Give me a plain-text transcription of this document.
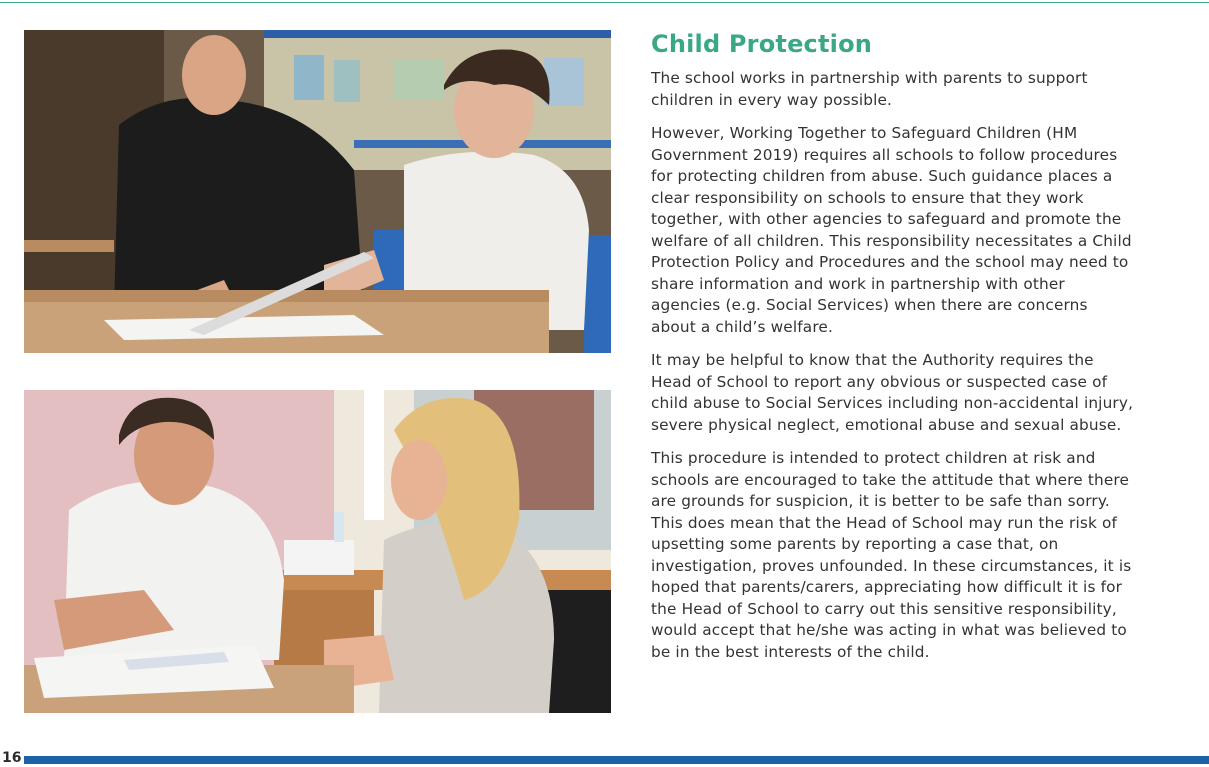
Child Protection

The school works in partnership with parents to support children in every way possible.

However, Working Together to Safeguard Children (HM Government 2019) requires all schools to follow procedures for protecting children from abuse. Such guidance places a clear responsibility on schools to ensure that they work together, with other agencies to safeguard and promote the welfare of all children. This responsibility necessitates a Child Protection Policy and Procedures and the school may need to share information and work in partnership with other agencies (e.g. Social Services) when there are concerns about a child’s welfare.

It may be helpful to know that the Authority requires the Head of School to report any obvious or suspected case of child abuse to Social Services including non-accidental injury, severe physical neglect, emotional abuse and sexual abuse.

This procedure is intended to protect children at risk and schools are encouraged to take the attitude that where there are grounds for suspicion, it is better to be safe than sorry. This does mean that the Head of School may run the risk of upsetting some parents by reporting a case that, on investigation, proves unfounded. In these circumstances, it is hoped that parents/carers, appreciating how difficult it is for the Head of School to carry out this sensitive responsibility, would accept that he/she was acting in what was believed to be in the best interests of the child.

16
